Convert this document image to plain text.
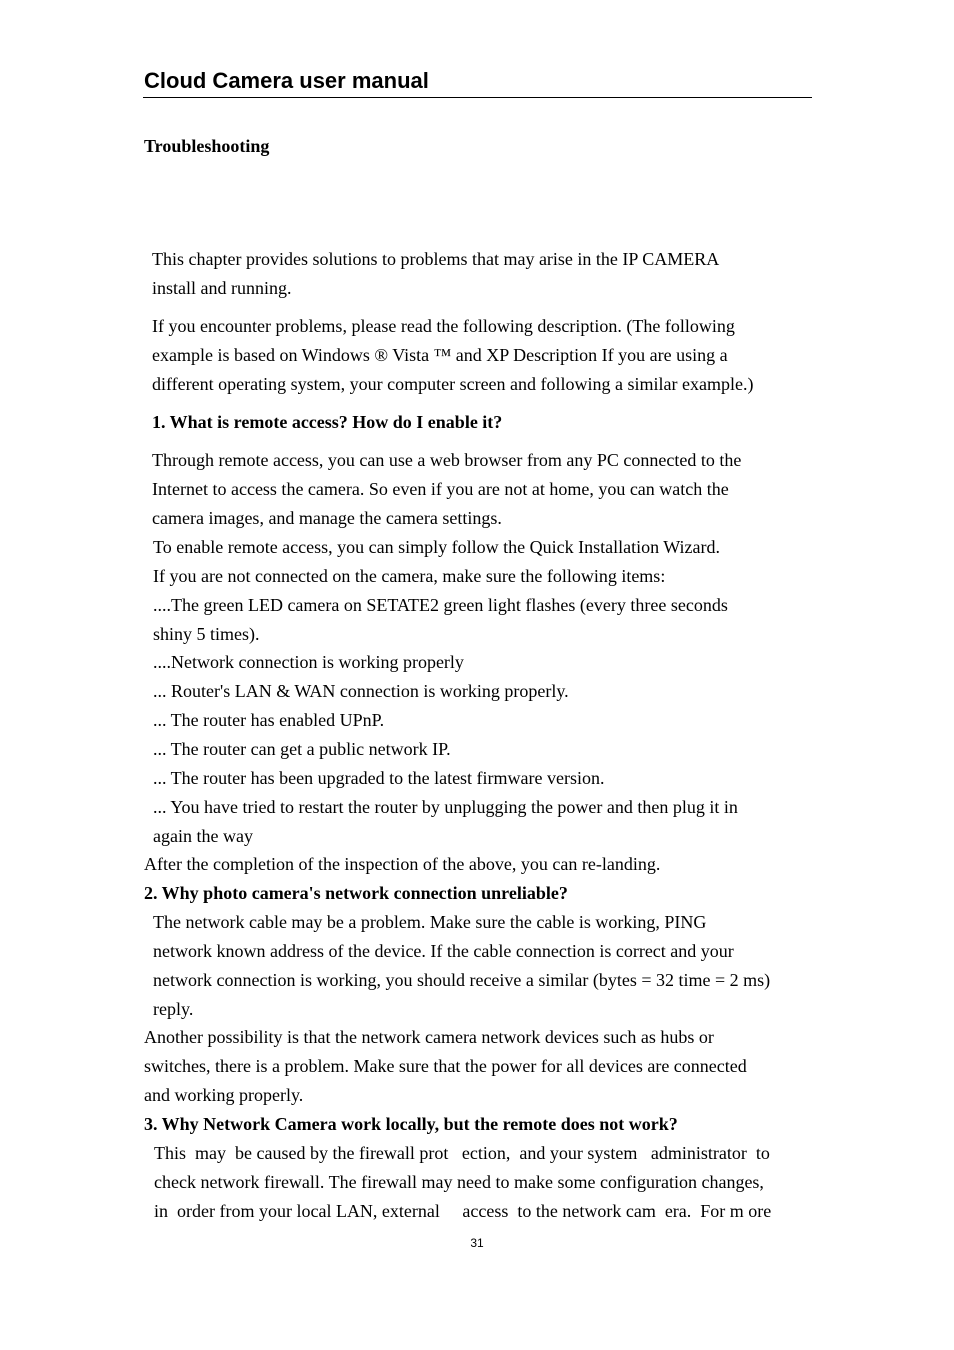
Cloud Camera user manual

Troubleshooting

This chapter provides solutions to problems that may arise in the IP CAMERA

install and running.

If you encounter problems, please read the following description. (The following

example is based on Windows ® Vista ™ and XP Description If you are using a

different operating system, your computer screen and following a similar example.)

1. What is remote access? How do I enable it?

Through remote access, you can use a web browser from any PC connected to the

Internet to access the camera. So even if you are not at home, you can watch the

camera images, and manage the camera settings.

To enable remote access, you can simply follow the Quick Installation Wizard.

If you are not connected on the camera, make sure the following items:

....The green LED camera on SETATE2 green light flashes (every three seconds

shiny 5 times).

....Network connection is working properly

... Router's LAN & WAN connection is working properly.

... The router has enabled UPnP.

... The router can get a public network IP.

... The router has been upgraded to the latest firmware version.

... You have tried to restart the router by unplugging the power and then plug it in

again the way

After the completion of the inspection of the above, you can re-landing.

2. Why photo camera's network connection unreliable?

The network cable may be a problem. Make sure the cable is working, PING

network known address of the device. If the cable connection is correct and your

network connection is working, you should receive a similar (bytes = 32 time = 2 ms)

reply.

Another possibility is that the network camera network devices such as hubs or

switches, there is a problem. Make sure that the power for all devices are connected

and working properly.

3. Why Network Camera work locally, but the remote does not work?

This  may  be caused by the firewall prot   ection,  and your system   administrator  to

check network firewall. The firewall may need to make some configuration changes,

in  order from your local LAN, external     access  to the network cam  era.  For m ore

31
